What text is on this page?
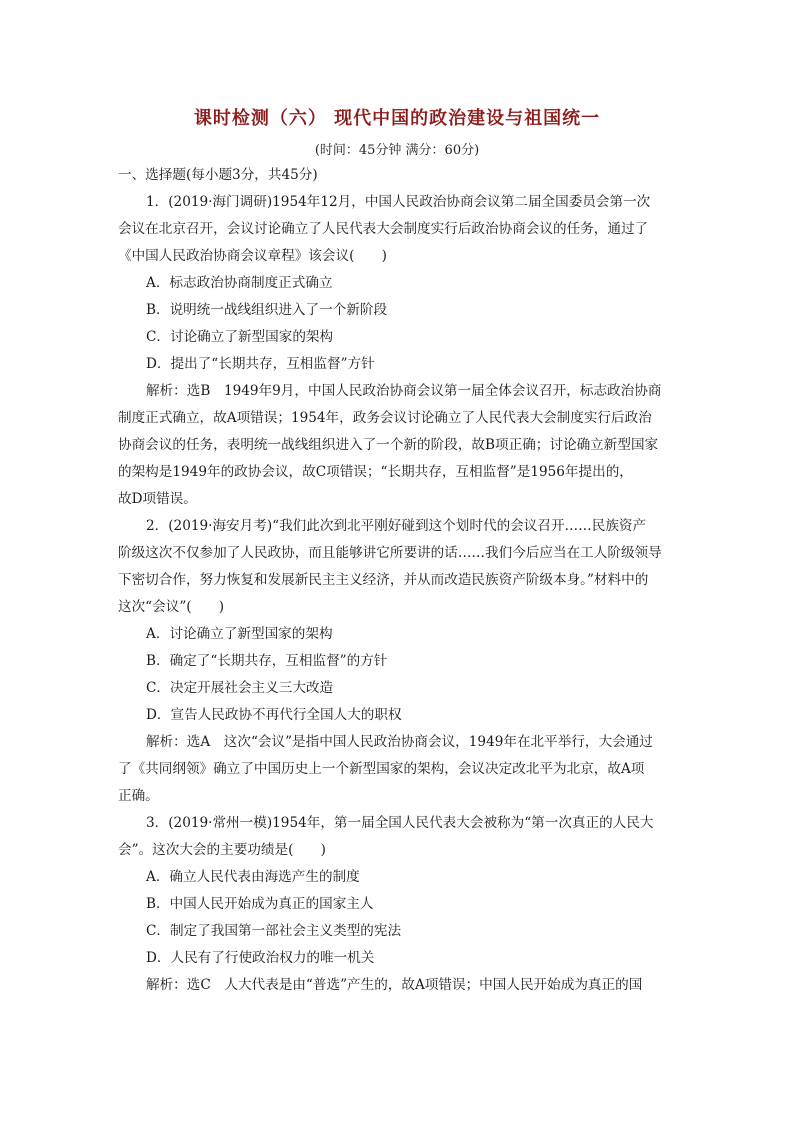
课时检测（六） 现代中国的政治建设与祖国统一
(时间：45分钟 满分：60分)
一、选择题(每小题3分，共45分)
1．(2019·海门调研)1954年12月，中国人民政治协商会议第二届全国委员会第一次
会议在北京召开，会议讨论确立了人民代表大会制度实行后政治协商会议的任务，通过了
《中国人民政治协商会议章程》该会议(　　)
A．标志政治协商制度正式确立
B．说明统一战线组织进入了一个新阶段
C．讨论确立了新型国家的架构
D．提出了“长期共存，互相监督”方针
解析：选B　1949年9月，中国人民政治协商会议第一届全体会议召开，标志政治协商
制度正式确立，故A项错误；1954年，政务会议讨论确立了人民代表大会制度实行后政治
协商会议的任务，表明统一战线组织进入了一个新的阶段，故B项正确；讨论确立新型国家
的架构是1949年的政协会议，故C项错误；“长期共存，互相监督”是1956年提出的，
故D项错误。
2．(2019·海安月考)“我们此次到北平刚好碰到这个划时代的会议召开……民族资产
阶级这次不仅参加了人民政协，而且能够讲它所要讲的话……我们今后应当在工人阶级领导
下密切合作，努力恢复和发展新民主主义经济，并从而改造民族资产阶级本身。”材料中的
这次“会议”(　　)
A．讨论确立了新型国家的架构
B．确定了“长期共存，互相监督”的方针
C．决定开展社会主义三大改造
D．宣告人民政协不再代行全国人大的职权
解析：选A　这次“会议”是指中国人民政治协商会议，1949年在北平举行，大会通过
了《共同纲领》确立了中国历史上一个新型国家的架构，会议决定改北平为北京，故A项
正确。
3．(2019·常州一模)1954年，第一届全国人民代表大会被称为“第一次真正的人民大
会”。这次大会的主要功绩是(　　)
A．确立人民代表由海选产生的制度
B．中国人民开始成为真正的国家主人
C．制定了我国第一部社会主义类型的宪法
D．人民有了行使政治权力的唯一机关
解析：选C　人大代表是由“普选”产生的，故A项错误；中国人民开始成为真正的国
